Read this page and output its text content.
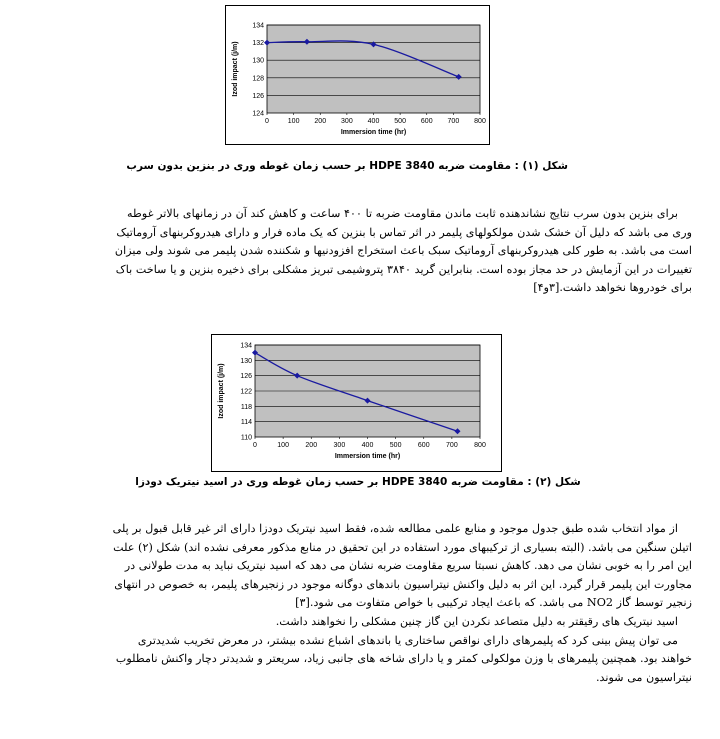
124
126
128
130
132
134
0	100 200 300 400 500 600 700 800
Immersion time (hr)
Izod impact (j/m)
شکل (۱) : مقاومت ضربه HDPE 3840 بر حسب زمان غوطه وری در بنزین بدون سرب

برای بنزین بدون سرب نتایج نشاندهنده ثابت ماندن مقاومت ضربه تا ۴۰۰ ساعت و کاهش کند آن در زمانهای بالاتر غوطه

وری می باشد که دلیل آن خشک شدن مولکولهای پلیمر در اثر تماس با بنزین که یک ماده فرار و دارای هیدروکربنهای آروماتیک

است می باشد. به طور کلی هیدروکربنهای آروماتیک سبک باعث استخراج افزودنیها و شکننده شدن پلیمر می شوند ولی میزان

تغییرات در این آزمایش در حد مجاز بوده است. بنابراین گرید ۳۸۴۰ پتروشیمی تبریز مشکلی برای ذخیره بنزین و یا ساخت باک

برای خودروها نخواهد داشت.[۳و۴]

110
114
118
122
126
130
134
0	100 200 300 400 500 600 700 800
Immersion time (hr)
Izod impact (j/m)
شکل (۲) : مقاومت ضربه HDPE 3840 بر حسب زمان غوطه وری در اسید نیتریک دودزا

از مواد انتخاب شده طبق جدول موجود و منابع علمی مطالعه شده، فقط اسید نیتریک دودزا دارای اثر غیر قابل قبول بر پلی

اتیلن سنگین می باشد. (البته بسیاری از ترکیبهای مورد استفاده در این تحقیق در منابع مذکور معرفی نشده اند) شکل (۲) علت

این امر را به خوبی نشان می دهد. کاهش نسبتا سریع مقاومت ضربه نشان می دهد که اسید نیتریک نباید به مدت طولانی در

مجاورت این پلیمر قرار گیرد. این اثر به دلیل واکنش نیتراسیون باندهای دوگانه موجود در زنجیرهای پلیمر، به خصوص در انتهای

زنجیر توسط گاز NO2 می باشد. که باعث ایجاد ترکیبی با خواص متفاوت می شود.[۳]

اسید نیتریک های رقیقتر به دلیل متصاعد نکردن این گاز چنین مشکلی را نخواهند داشت.

می توان پیش بینی کرد که پلیمرهای دارای نواقص ساختاری یا باندهای اشباع نشده بیشتر، در معرض تخریب شدیدتری

خواهند بود. همچنین پلیمرهای با وزن مولکولی کمتر و یا دارای شاخه های جانبی زیاد، سریعتر و شدیدتر دچار واکنش نامطلوب

نیتراسیون می شوند.
